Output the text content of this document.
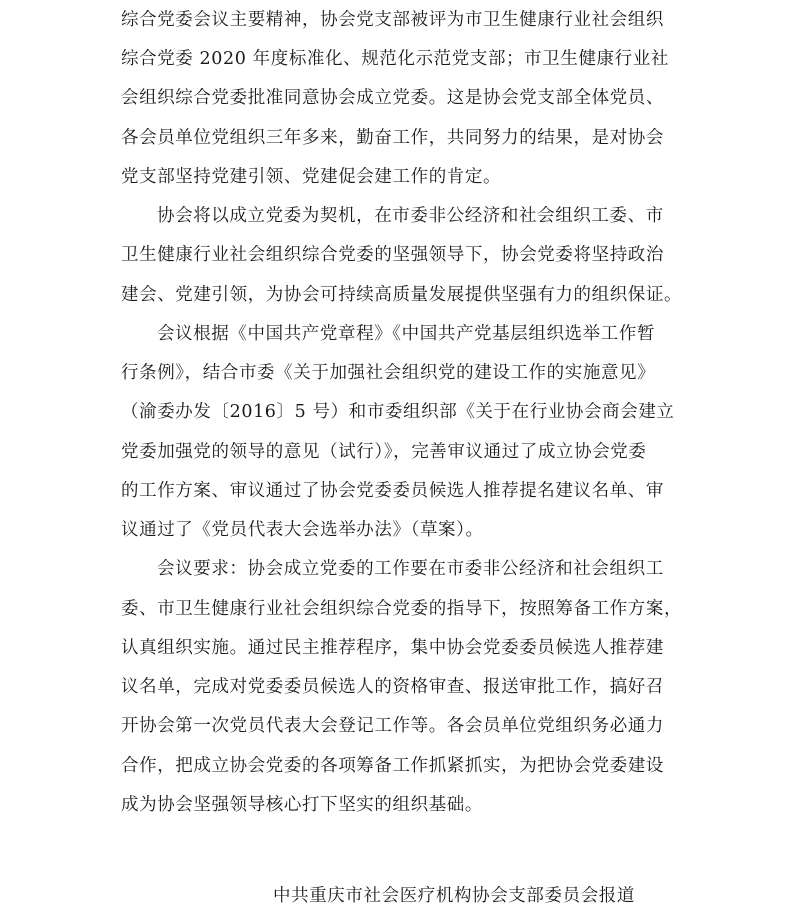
综合党委会议主要精神，协会党支部被评为市卫生健康行业社会组织
综合党委 2020 年度标准化、规范化示范党支部；市卫生健康行业社
会组织综合党委批准同意协会成立党委。这是协会党支部全体党员、
各会员单位党组织三年多来，勤奋工作，共同努力的结果，是对协会
党支部坚持党建引领、党建促会建工作的肯定。
协会将以成立党委为契机，在市委非公经济和社会组织工委、市
卫生健康行业社会组织综合党委的坚强领导下，协会党委将坚持政治
建会、党建引领，为协会可持续高质量发展提供坚强有力的组织保证。
会议根据《中国共产党章程》《中国共产党基层组织选举工作暂
行条例》，结合市委《关于加强社会组织党的建设工作的实施意见》
（渝委办发〔2016〕5 号）和市委组织部《关于在行业协会商会建立
党委加强党的领导的意见（试行）》，完善审议通过了成立协会党委
的工作方案、审议通过了协会党委委员候选人推荐提名建议名单、审
议通过了《党员代表大会选举办法》（草案）。
会议要求：协会成立党委的工作要在市委非公经济和社会组织工
委、市卫生健康行业社会组织综合党委的指导下，按照筹备工作方案，
认真组织实施。通过民主推荐程序，集中协会党委委员候选人推荐建
议名单，完成对党委委员候选人的资格审查、报送审批工作，搞好召
开协会第一次党员代表大会登记工作等。各会员单位党组织务必通力
合作，把成立协会党委的各项筹备工作抓紧抓实，为把协会党委建设
成为协会坚强领导核心打下坚实的组织基础。
中共重庆市社会医疗机构协会支部委员会报道
